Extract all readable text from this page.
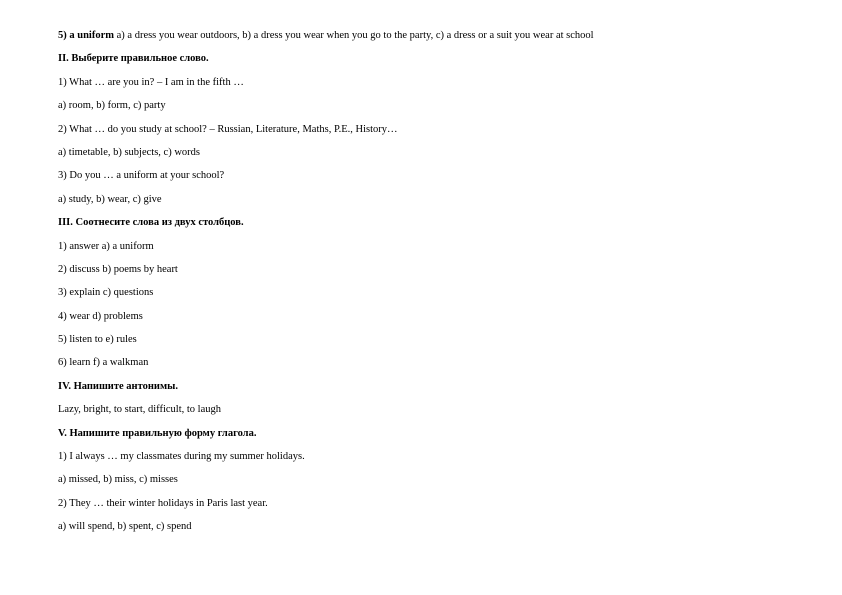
5) a uniform a) a dress you wear outdoors, b) a dress you wear when you go to the party, c) a dress or a suit you wear at school
II. Выберите правильное слово.
1) What … are you in? – I am in the fifth …
a) room, b) form, c) party
2) What … do you study at school? – Russian, Literature, Maths, P.E., History…
a) timetable, b) subjects, c) words
3) Do you … a uniform at your school?
a) study, b) wear, c) give
III. Соотнесите слова из двух столбцов.
1) answer a) a uniform
2) discuss b) poems by heart
3) explain c) questions
4) wear d) problems
5) listen to e) rules
6) learn f) a walkman
IV. Напишите антонимы.
Lazy, bright, to start, difficult, to laugh
V. Напишите правильную форму глагола.
1) I always … my classmates during my summer holidays.
a) missed, b) miss, c) misses
2) They … their winter holidays in Paris last year.
a) will spend, b) spent, c) spend
